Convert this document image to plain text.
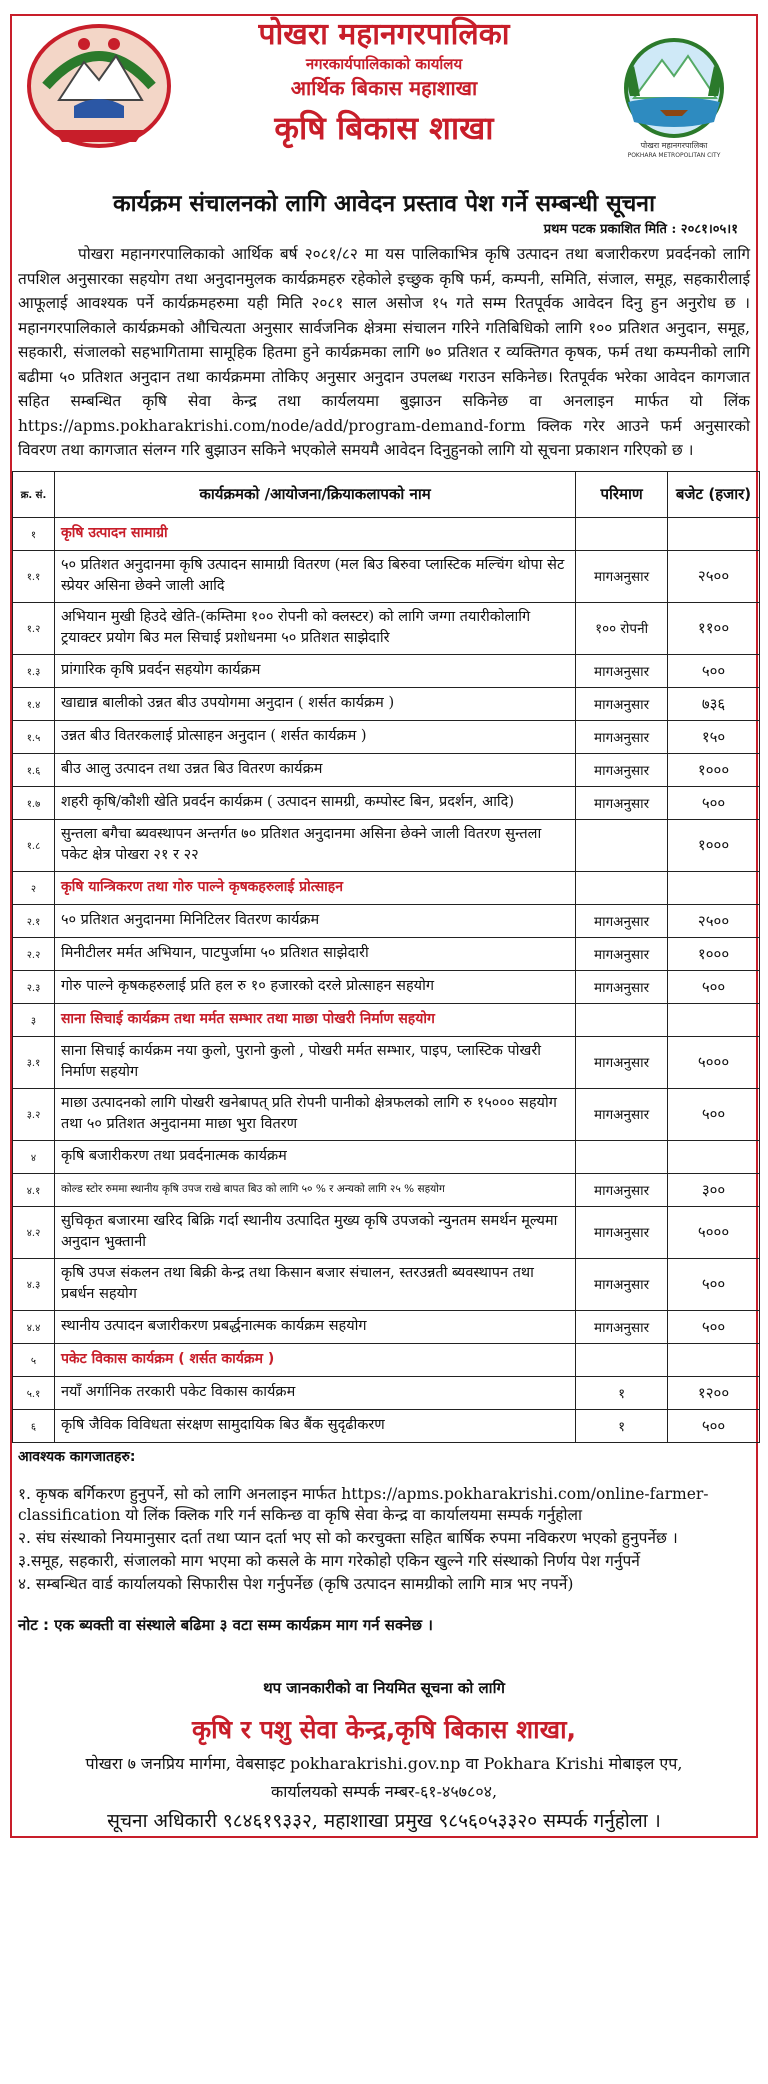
पोखरा महानगरपालिका
POKHARA METROPOLITAN CITY
पोखरा महानगरपालिका
नगरकार्यपालिकाको कार्यालय
आर्थिक बिकास महाशाखा
कृषि बिकास शाखा
कार्यक्रम संचालनको लागि आवेदन प्रस्ताव पेश गर्ने सम्बन्धी सूचना
प्रथम पटक प्रकाशित मिति : २०८१।०५।१

पोखरा महानगरपालिकाको आर्थिक बर्ष २०८१/८२ मा यस पालिकाभित्र कृषि उत्पादन तथा बजारीकरण प्रवर्दनको लागि तपशिल अनुसारका सहयोग तथा अनुदानमुलक कार्यक्रमहरु रहेकोले इच्छुक कृषि फर्म, कम्पनी, समिति, संजाल, समूह, सहकारीलाई आफूलाई आवश्यक पर्ने कार्यक्रमहरुमा यही मिति २०८१ साल असोज १५ गते सम्म रितपूर्वक आवेदन दिनु हुन अनुरोध छ । महानगरपालिकाले कार्यक्रमको औचित्यता अनुसार सार्वजनिक क्षेत्रमा संचालन गरिने गतिबिधिको लागि १०० प्रतिशत अनुदान, समूह, सहकारी, संजालको सहभागितामा सामूहिक हितमा हुने कार्यक्रमका लागि ७० प्रतिशत र व्यक्तिगत कृषक, फर्म तथा कम्पनीको लागि बढीमा ५० प्रतिशत अनुदान तथा कार्यक्रममा तोकिए अनुसार अनुदान उपलब्ध गराउन सकिनेछ। रितपूर्वक भरेका आवेदन कागजात सहित सम्बन्धित कृषि सेवा केन्द्र तथा कार्यलयमा बुझाउन सकिनेछ वा अनलाइन मार्फत यो लिंक https://apms.pokharakrishi.com/node/add/program-demand-form क्लिक गरेर आउने फर्म अनुसारको विवरण तथा कागजात संलग्न गरि बुझाउन सकिने भएकोले समयमै आवेदन दिनुहुनको लागि यो सूचना प्रकाशन गरिएको छ ।

क्र. सं.	कार्यक्रमको /आयोजना/क्रियाकलापको नाम	परिमाण	बजेट (हजार)
१	कृषि उत्पादन सामाग्री		
१.१	५० प्रतिशत अनुदानमा कृषि उत्पादन सामाग्री वितरण (मल बिउ बिरुवा प्लास्टिक मल्चिंग थोपा सेट स्प्रेयर असिना छेक्ने जाली आदि	मागअनुसार	२५००
१.२	अभियान मुखी हिउदे खेति-(कम्तिमा १०० रोपनी को क्लस्टर) को लागि जग्गा तयारीकोलागि ट्रयाक्टर प्रयोग बिउ मल सिचाई प्रशोधनमा ५० प्रतिशत साझेदारि	१०० रोपनी	११००
१.३	प्रांगारिक कृषि प्रवर्दन सहयोग कार्यक्रम	मागअनुसार	५००
१.४	खाद्यान्न बालीको उन्नत बीउ उपयोगमा अनुदान ( शर्सत कार्यक्रम )	मागअनुसार	७३६
१.५	उन्नत बीउ वितरकलाई प्रोत्साहन अनुदान ( शर्सत कार्यक्रम )	मागअनुसार	१५०
१.६	बीउ आलु उत्पादन तथा उन्नत बिउ वितरण कार्यक्रम	मागअनुसार	१०००
१.७	शहरी कृषि/कौशी खेति प्रवर्दन कार्यक्रम ( उत्पादन सामग्री, कम्पोस्ट बिन, प्रदर्शन, आदि)	मागअनुसार	५००
१.८	सुन्तला बगैचा ब्यवस्थापन अन्तर्गत ७० प्रतिशत अनुदानमा असिना छेक्ने जाली वितरण सुन्तला पकेट क्षेत्र पोखरा २१ र २२		१०००
२	कृषि यान्त्रिकरण तथा गोरु पाल्ने कृषकहरुलाई प्रोत्साहन		
२.१	५० प्रतिशत अनुदानमा मिनिटिलर वितरण कार्यक्रम	मागअनुसार	२५००
२.२	मिनीटीलर मर्मत अभियान, पाटपुर्जामा ५० प्रतिशत साझेदारी	मागअनुसार	१०००
२.३	गोरु पाल्ने कृषकहरुलाई प्रति हल रु १० हजारको दरले प्रोत्साहन सहयोग	मागअनुसार	५००
३	साना सिचाई कार्यक्रम तथा मर्मत सम्भार तथा माछा पोखरी निर्माण सहयोग		
३.१	साना सिचाई कार्यक्रम नया कुलो, पुरानो कुलो , पोखरी मर्मत सम्भार, पाइप, प्लास्टिक पोखरी निर्माण सहयोग	मागअनुसार	५०००
३.२	माछा उत्पादनको लागि पोखरी खनेबापत् प्रति रोपनी पानीको क्षेत्रफलको लागि रु १५००० सहयोग तथा ५० प्रतिशत अनुदानमा माछा भुरा वितरण	मागअनुसार	५००
४	कृषि बजारीकरण तथा प्रवर्दनात्मक कार्यक्रम		
४.१	कोल्ड स्टोर रुममा स्थानीय कृषि उपज राखे बापत बिउ को लागि ५० % र अन्यको लागि २५ % सहयोग	मागअनुसार	३००
४.२	सुचिकृत बजारमा खरिद बिक्रि गर्दा स्थानीय उत्पादित मुख्य कृषि उपजको न्युनतम समर्थन मूल्यमा अनुदान भुक्तानी	मागअनुसार	५०००
४.३	कृषि उपज संकलन तथा बिक्री केन्द्र तथा किसान बजार संचालन, स्तरउन्नती ब्यवस्थापन तथा प्रबर्धन सहयोग	मागअनुसार	५००
४.४	स्थानीय उत्पादन बजारीकरण प्रबर्द्धनात्मक कार्यक्रम सहयोग	मागअनुसार	५००
५	पकेट विकास कार्यक्रम ( शर्सत कार्यक्रम )		
५.१	नयाँ अर्गानिक तरकारी पकेट विकास कार्यक्रम	१	१२००
६	कृषि जैविक विविधता संरक्षण सामुदायिक बिउ बैंक सुदृढीकरण	१	५००
आवश्यक कागजातहरु:

१. कृषक बर्गिकरण हुनुपर्ने, सो को लागि अनलाइन मार्फत https://apms.pokharakrishi.com/online-farmer-classification यो लिंक क्लिक गरि गर्न सकिन्छ वा कृषि सेवा केन्द्र वा कार्यालयमा सम्पर्क गर्नुहोला

२. संघ संस्थाको नियमानुसार दर्ता तथा प्यान दर्ता भए सो को करचुक्ता सहित बार्षिक रुपमा नविकरण भएको हुनुपर्नेछ ।

३.समूह, सहकारी, संजालको माग भएमा को कसले के माग गरेकोहो एकिन खुल्ने गरि संस्थाको निर्णय पेश गर्नुपर्ने

४. सम्बन्धित वार्ड कार्यालयको सिफारीस पेश गर्नुपर्नेछ (कृषि उत्पादन सामग्रीको लागि मात्र भए नपर्ने)

नोट : एक ब्यक्ती वा संस्थाले बढिमा ३ वटा सम्म कार्यक्रम माग गर्न सक्नेछ ।
थप जानकारीको वा नियमित सूचना को लागि
कृषि र पशु सेवा केन्द्र,कृषि बिकास शाखा,
पोखरा ७ जनप्रिय मार्गमा, वेबसाइट pokharakrishi.gov.np वा Pokhara Krishi मोबाइल एप,
कार्यालयको सम्पर्क नम्बर-६१-४५७८०४,
सूचना अधिकारी ९८४६१९३३२, महाशाखा प्रमुख ९८५६०५३३२० सम्पर्क गर्नुहोला ।
